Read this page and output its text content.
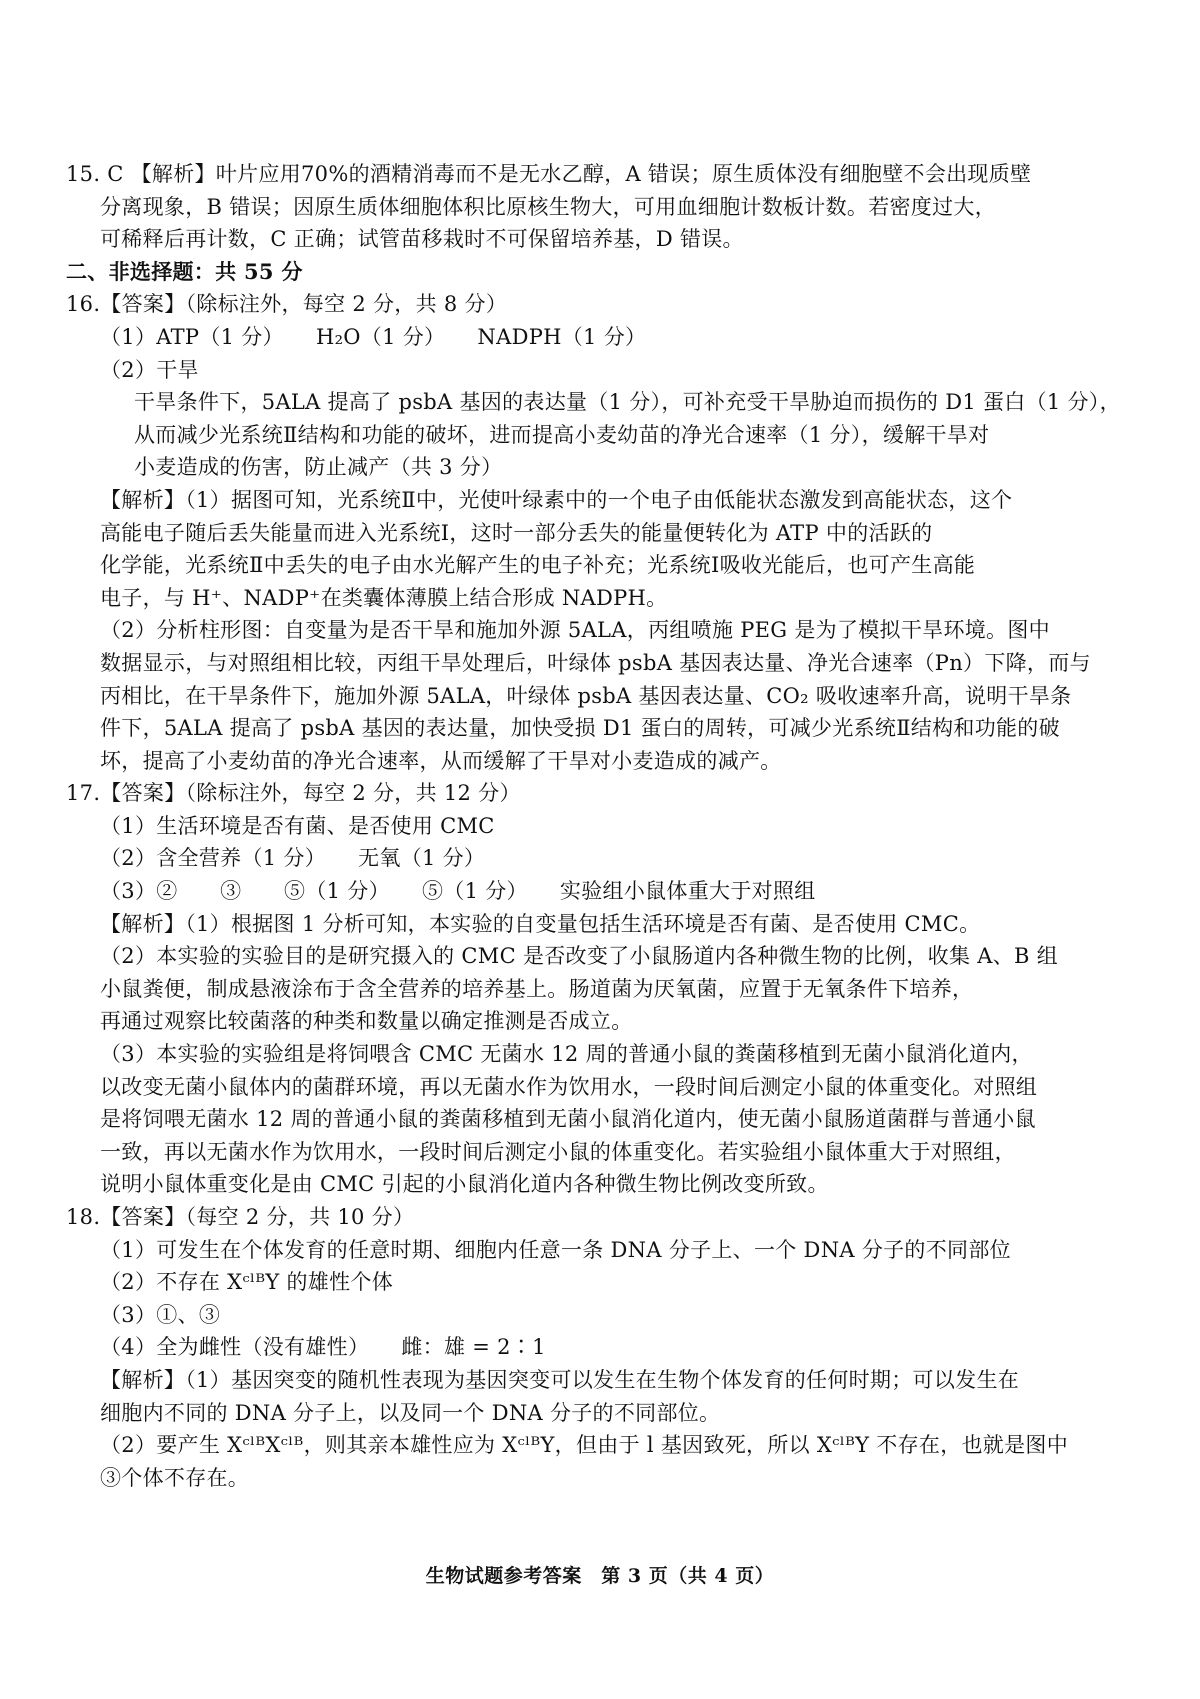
15. C 【解析】叶片应用70%的酒精消毒而不是无水乙醇，A 错误；原生质体没有细胞壁不会出现质壁
分离现象，B 错误；因原生质体细胞体积比原核生物大，可用血细胞计数板计数。若密度过大，
可稀释后再计数，C 正确；试管苗移栽时不可保留培养基，D 错误。
二、非选择题：共 55 分
16.【答案】（除标注外，每空 2 分，共 8 分）
（1）ATP（1 分）　　H₂O（1 分）　　NADPH（1 分）
（2）干旱
干旱条件下，5ALA 提高了 psbA 基因的表达量（1 分），可补充受干旱胁迫而损伤的 D1 蛋白（1 分），
从而减少光系统Ⅱ结构和功能的破坏，进而提高小麦幼苗的净光合速率（1 分），缓解干旱对
小麦造成的伤害，防止减产（共 3 分）
【解析】（1）据图可知，光系统Ⅱ中，光使叶绿素中的一个电子由低能状态激发到高能状态，这个
高能电子随后丢失能量而进入光系统Ⅰ，这时一部分丢失的能量便转化为 ATP 中的活跃的
化学能，光系统Ⅱ中丢失的电子由水光解产生的电子补充；光系统Ⅰ吸收光能后，也可产生高能
电子，与 H⁺、NADP⁺在类囊体薄膜上结合形成 NADPH。
（2）分析柱形图：自变量为是否干旱和施加外源 5ALA，丙组喷施 PEG 是为了模拟干旱环境。图中
数据显示，与对照组相比较，丙组干旱处理后，叶绿体 psbA 基因表达量、净光合速率（Pn）下降，而与
丙相比，在干旱条件下，施加外源 5ALA，叶绿体 psbA 基因表达量、CO₂ 吸收速率升高，说明干旱条
件下，5ALA 提高了 psbA 基因的表达量，加快受损 D1 蛋白的周转，可减少光系统Ⅱ结构和功能的破
坏，提高了小麦幼苗的净光合速率，从而缓解了干旱对小麦造成的减产。
17.【答案】（除标注外，每空 2 分，共 12 分）
（1）生活环境是否有菌、是否使用 CMC
（2）含全营养（1 分）　　无氧（1 分）
（3）②　　③　　⑤（1 分）　　⑤（1 分）　　实验组小鼠体重大于对照组
【解析】（1）根据图 1 分析可知，本实验的自变量包括生活环境是否有菌、是否使用 CMC。
（2）本实验的实验目的是研究摄入的 CMC 是否改变了小鼠肠道内各种微生物的比例，收集 A、B 组
小鼠粪便，制成悬液涂布于含全营养的培养基上。肠道菌为厌氧菌，应置于无氧条件下培养，
再通过观察比较菌落的种类和数量以确定推测是否成立。
（3）本实验的实验组是将饲喂含 CMC 无菌水 12 周的普通小鼠的粪菌移植到无菌小鼠消化道内，
以改变无菌小鼠体内的菌群环境，再以无菌水作为饮用水，一段时间后测定小鼠的体重变化。对照组
是将饲喂无菌水 12 周的普通小鼠的粪菌移植到无菌小鼠消化道内，使无菌小鼠肠道菌群与普通小鼠
一致，再以无菌水作为饮用水，一段时间后测定小鼠的体重变化。若实验组小鼠体重大于对照组，
说明小鼠体重变化是由 CMC 引起的小鼠消化道内各种微生物比例改变所致。
18.【答案】（每空 2 分，共 10 分）
（1）可发生在个体发育的任意时期、细胞内任意一条 DNA 分子上、一个 DNA 分子的不同部位
（2）不存在 XᶜˡᴮY 的雄性个体
（3）①、③
（4）全为雌性（没有雄性）　　雌：雄 = 2∶1
【解析】（1）基因突变的随机性表现为基因突变可以发生在生物个体发育的任何时期；可以发生在
细胞内不同的 DNA 分子上，以及同一个 DNA 分子的不同部位。
（2）要产生 XᶜˡᴮXᶜˡᴮ，则其亲本雄性应为 XᶜˡᴮY，但由于 l 基因致死，所以 XᶜˡᴮY 不存在，也就是图中
③个体不存在。
生物试题参考答案　第 3 页（共 4 页）
